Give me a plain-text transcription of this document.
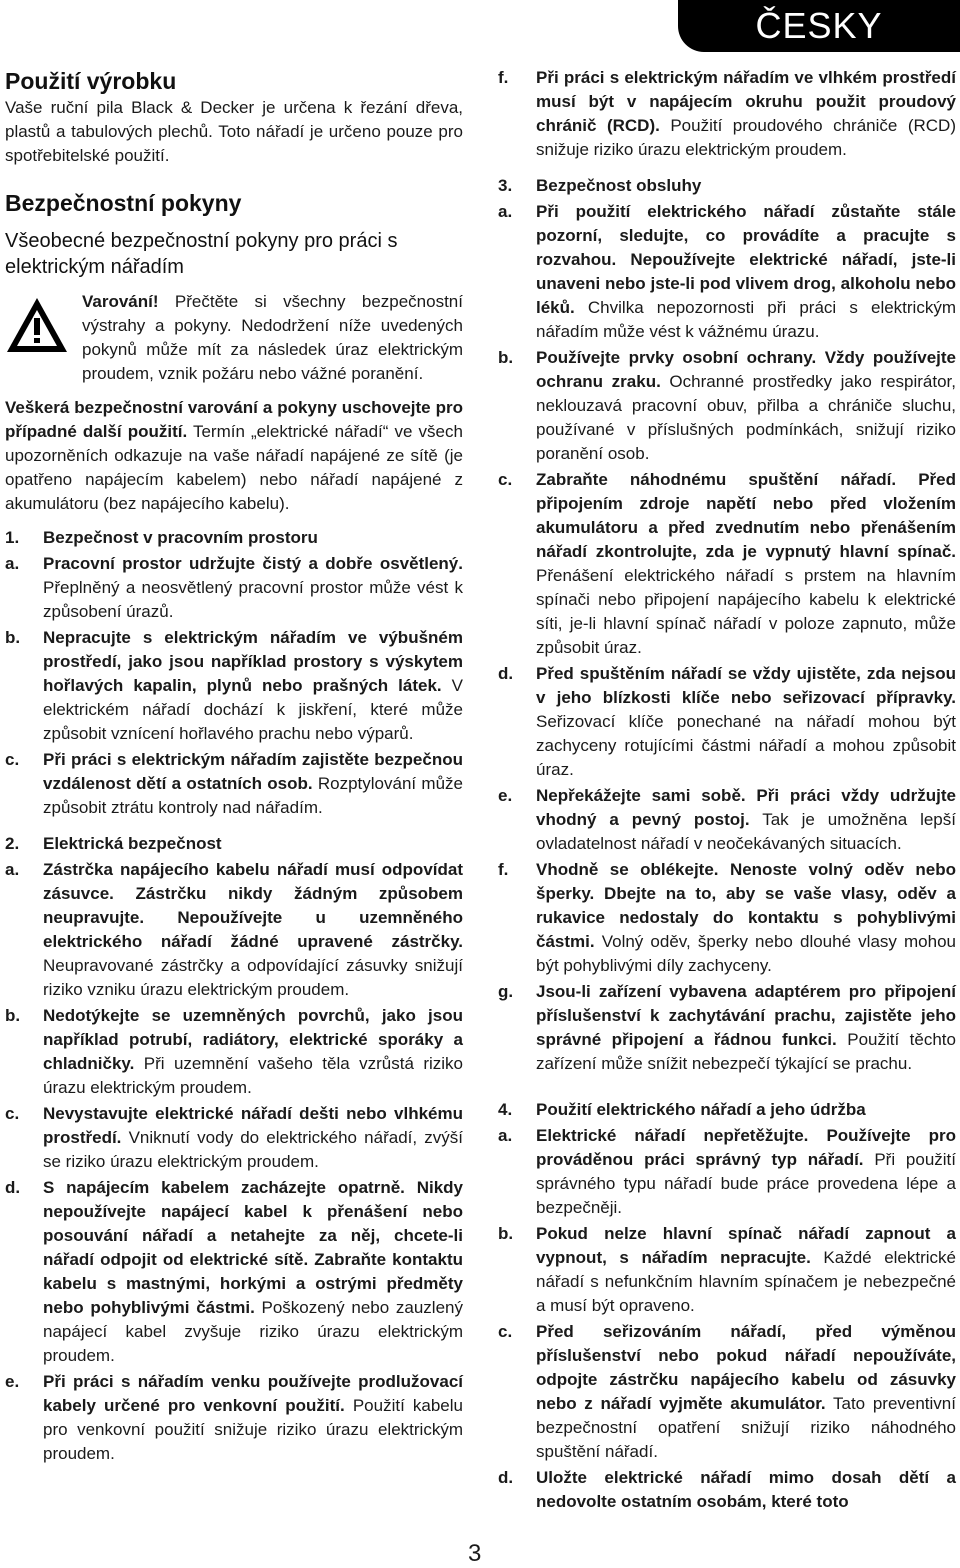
ČESKY
Použití výrobku

Vaše ruční pila Black & Decker je určena k řezání dřeva, plastů a tabulových plechů. Toto nářadí je určeno pouze pro spotřebitelské použití.

Bezpečnostní pokyny
Všeobecné bezpečnostní pokyny pro práci s elektrickým nářadím

Varování! Přečtěte si všechny bezpečnostní výstrahy a pokyny. Nedodržení níže uvedených pokynů může mít za následek úraz elektrickým proudem, vznik požáru nebo vážné poranění.

Veškerá bezpečnostní varování a pokyny uschovejte pro případné další použití. Termín „elektrické nářadí“ ve všech upozorněních odkazuje na vaše nářadí napájené ze sítě (je opatřeno napájecím kabelem) nebo nářadí napájené z akumulátoru (bez napájecího kabelu).

1.	Bezpečnost v pracovním prostoru
a.	Pracovní prostor udržujte čistý a dobře osvětlený. Přeplněný a neosvětlený pracovní prostor může vést k způsobení úrazů.
b.	Nepracujte s elektrickým nářadím ve výbušném prostředí, jako jsou například prostory s výskytem hořlavých kapalin, plynů nebo prašných látek. V elektrickém nářadí dochází k jiskření, které může způsobit vznícení hořlavého prachu nebo výparů.
c.	Při práci s elektrickým nářadím zajistěte bezpečnou vzdálenost dětí a ostatních osob. Rozptylování může způsobit ztrátu kontroly nad nářadím.
2.	Elektrická bezpečnost
a.	Zástrčka napájecího kabelu nářadí musí odpovídat zásuvce. Zástrčku nikdy žádným způsobem neupravujte. Nepoužívejte u uzemněného elektrického nářadí žádné upravené zástrčky. Neupravované zástrčky a odpovídající zásuvky snižují riziko vzniku úrazu elektrickým proudem.
b.	Nedotýkejte se uzemněných povrchů, jako jsou například potrubí, radiátory, elektrické sporáky a chladničky. Při uzemnění vašeho těla vzrůstá riziko úrazu elektrickým proudem.
c.	Nevystavujte elektrické nářadí dešti nebo vlhkému prostředí. Vniknutí vody do elektrického nářadí, zvýší se riziko úrazu elektrickým proudem.
d.	S napájecím kabelem zacházejte opatrně. Nikdy nepoužívejte napájecí kabel k přenášení nebo posouvání nářadí a netahejte za něj, chcete-li nářadí odpojit od elektrické sítě. Zabraňte kontaktu kabelu s mastnými, horkými a ostrými předměty nebo pohyblivými částmi. Poškozený nebo zauzlený napájecí kabel zvyšuje riziko úrazu elektrickým proudem.
e.	Při práci s nářadím venku používejte prodlužovací kabely určené pro venkovní použití. Použití kabelu pro venkovní použití snižuje riziko úrazu elektrickým proudem.
f.	Při práci s elektrickým nářadím ve vlhkém prostředí musí být v napájecím okruhu použit proudový chránič (RCD). Použití proudového chrániče (RCD) snižuje riziko úrazu elektrickým proudem.
3.	Bezpečnost obsluhy
a.	Při použití elektrického nářadí zůstaňte stále pozorní, sledujte, co provádíte a pracujte s rozvahou. Nepoužívejte elektrické nářadí, jste-li unaveni nebo jste-li pod vlivem drog, alkoholu nebo léků. Chvilka nepozornosti při práci s elektrickým nářadím může vést k vážnému úrazu.
b.	Používejte prvky osobní ochrany. Vždy používejte ochranu zraku. Ochranné prostředky jako respirátor, neklouzavá pracovní obuv, přilba a chrániče sluchu, používané v příslušných podmínkách, snižují riziko poranění osob.
c.	Zabraňte náhodnému spuštění nářadí. Před připojením zdroje napětí nebo před vložením akumulátoru a před zvednutím nebo přenášením nářadí zkontrolujte, zda je vypnutý hlavní spínač. Přenášení elektrického nářadí s prstem na hlavním spínači nebo připojení napájecího kabelu k elektrické síti, je-li hlavní spínač nářadí v poloze zapnuto, může způsobit úraz.
d.	Před spuštěním nářadí se vždy ujistěte, zda nejsou v jeho blízkosti klíče nebo seřizovací přípravky. Seřizovací klíče ponechané na nářadí mohou být zachyceny rotujícími částmi nářadí a mohou způsobit úraz.
e.	Nepřekážejte sami sobě. Při práci vždy udržujte vhodný a pevný postoj. Tak je umožněna lepší ovladatelnost nářadí v neočekávaných situacích.
f.	Vhodně se oblékejte. Nenoste volný oděv nebo šperky. Dbejte na to, aby se vaše vlasy, oděv a rukavice nedostaly do kontaktu s pohyblivými částmi. Volný oděv, šperky nebo dlouhé vlasy mohou být pohyblivými díly zachyceny.
g.	Jsou-li zařízení vybavena adaptérem pro připojení příslušenství k zachytávání prachu, zajistěte jeho správné připojení a řádnou funkci. Použití těchto zařízení může snížit nebezpečí týkající se prachu.
4.	Použití elektrického nářadí a jeho údržba
a.	Elektrické nářadí nepřetěžujte. Používejte pro prováděnou práci správný typ nářadí. Při použití správného typu nářadí bude práce provedena lépe a bezpečněji.
b.	Pokud nelze hlavní spínač nářadí zapnout a vypnout, s nářadím nepracujte. Každé elektrické nářadí s nefunkčním hlavním spínačem je nebezpečné a musí být opraveno.
c.	Před seřizováním nářadí, před výměnou příslušenství nebo pokud nářadí nepoužíváte, odpojte zástrčku napájecího kabelu od zásuvky nebo z nářadí vyjměte akumulátor. Tato preventivní bezpečnostní opatření snižují riziko náhodného spuštění nářadí.
d.	Uložte elektrické nářadí mimo dosah dětí a nedovolte ostatním osobám, které toto
3
